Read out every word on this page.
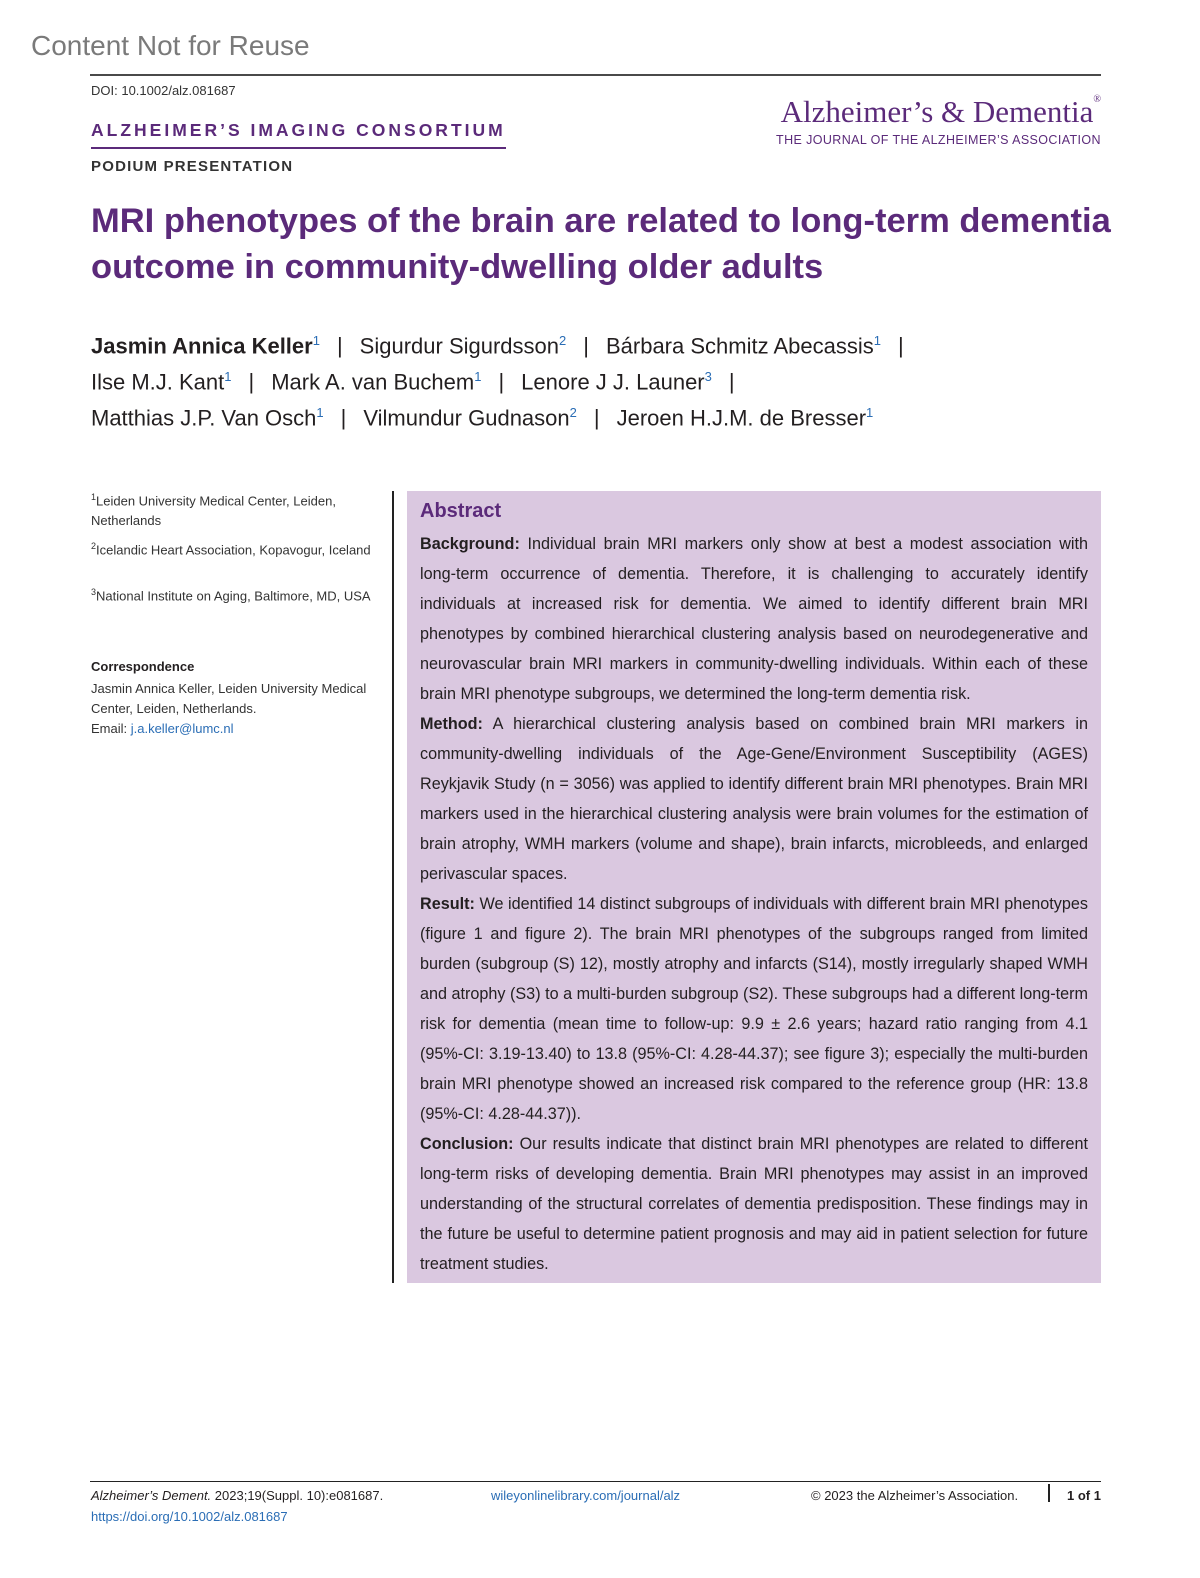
Content Not for Reuse
DOI: 10.1002/alz.081687
ALZHEIMER’S IMAGING CONSORTIUM
PODIUM PRESENTATION
Alzheimer’s & Dementia®
THE JOURNAL OF THE ALZHEIMER’S ASSOCIATION
MRI phenotypes of the brain are related to long-term dementia
outcome in community-dwelling older adults
Jasmin Annica Keller$^1$ | Sigurdur Sigurdsson$^2$ | Bárbara Schmitz Abecassis$^1$ |
Ilse M.J. Kant$^1$ | Mark A. van Buchem$^1$ | Lenore J J. Launer$^3$ |
Matthias J.P. Van Osch$^1$ | Vilmundur Gudnason$^2$ | Jeroen H.J.M. de Bresser$^1$
$^1$Leiden University Medical Center, Leiden, Netherlands
$^2$Icelandic Heart Association, Kopavogur, Iceland
$^3$National Institute on Aging, Baltimore, MD, USA
Correspondence
Jasmin Annica Keller, Leiden University Medical Center, Leiden, Netherlands.
Email: j.a.keller@lumc.nl
Abstract
Background: Individual brain MRI markers only show at best a modest association with long-term occurrence of dementia. Therefore, it is challenging to accurately identify individuals at increased risk for dementia. We aimed to identify different brain MRI phenotypes by combined hierarchical clustering analysis based on neurodegenerative and neurovascular brain MRI markers in community-dwelling individuals. Within each of these brain MRI phenotype subgroups, we determined the long-term dementia risk.
Method: A hierarchical clustering analysis based on combined brain MRI markers in community-dwelling individuals of the Age-Gene/Environment Susceptibility (AGES) Reykjavik Study (n = 3056) was applied to identify different brain MRI phenotypes. Brain MRI markers used in the hierarchical clustering analysis were brain volumes for the estimation of brain atrophy, WMH markers (volume and shape), brain infarcts, microbleeds, and enlarged perivascular spaces.
Result: We identified 14 distinct subgroups of individuals with different brain MRI phenotypes (figure 1 and figure 2). The brain MRI phenotypes of the subgroups ranged from limited burden (subgroup (S) 12), mostly atrophy and infarcts (S14), mostly irregularly shaped WMH and atrophy (S3) to a multi-burden subgroup (S2). These subgroups had a different long-term risk for dementia (mean time to follow-up: 9.9 ± 2.6 years; hazard ratio ranging from 4.1 (95%-CI: 3.19-13.40) to 13.8 (95%-CI: 4.28-44.37); see figure 3); especially the multi-burden brain MRI phenotype showed an increased risk compared to the reference group (HR: 13.8 (95%-CI: 4.28-44.37)).
Conclusion: Our results indicate that distinct brain MRI phenotypes are related to different long-term risks of developing dementia. Brain MRI phenotypes may assist in an improved understanding of the structural correlates of dementia predisposition. These findings may in the future be useful to determine patient prognosis and may aid in patient selection for future treatment studies.
Alzheimer’s Dement. 2023;19(Suppl. 10):e081687.
https://doi.org/10.1002/alz.081687
wileyonlinelibrary.com/journal/alz	© 2023 the Alzheimer’s Association.	1 of 1
